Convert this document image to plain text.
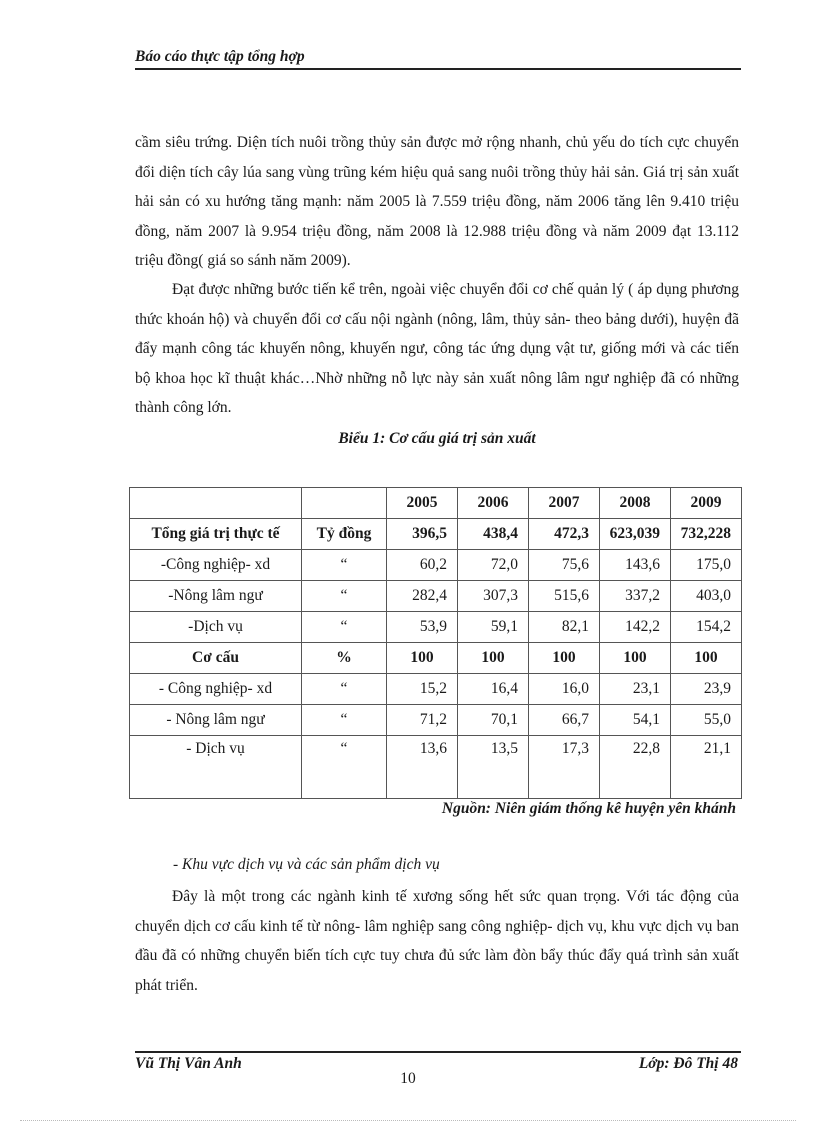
Báo cáo thực tập tổng hợp

cầm siêu trứng. Diện tích nuôi trồng thủy sản được mở rộng nhanh, chủ yếu do tích cực chuyển đổi diện tích cây lúa sang vùng trũng kém hiệu quả sang nuôi trồng thủy hải sản. Giá trị sản xuất hải sản có xu hướng tăng mạnh: năm 2005 là 7.559 triệu đồng, năm 2006 tăng lên 9.410 triệu đồng, năm 2007 là 9.954 triệu đồng, năm 2008 là 12.988 triệu đồng và năm 2009 đạt 13.112 triệu đồng( giá so sánh năm 2009).

Đạt được những bước tiến kể trên, ngoài việc chuyển đổi cơ chế quản lý ( áp dụng phương thức khoán hộ) và chuyển đổi cơ cấu nội ngành (nông, lâm, thủy sản- theo bảng dưới), huyện đã đẩy mạnh công tác khuyến nông, khuyến ngư, công tác ứng dụng vật tư, giống mới và các tiến bộ khoa học kĩ thuật khác…Nhờ những nỗ lực này sản xuất nông lâm ngư nghiệp đã có những thành công lớn.

Biểu 1: Cơ cấu giá trị sản xuất
		2005	2006	2007	2008	2009
Tổng giá trị thực tế	Tỷ đồng	396,5	438,4	472,3	623,039	732,228
-Công nghiệp- xd	“	60,2	72,0	75,6	143,6	175,0
-Nông lâm ngư	“	282,4	307,3	515,6	337,2	403,0
-Dịch vụ	“	53,9	59,1	82,1	142,2	154,2
Cơ cấu	%	100	100	100	100	100
- Công nghiệp- xd	“	15,2	16,4	16,0	23,1	23,9
- Nông lâm ngư	“	71,2	70,1	66,7	54,1	55,0
- Dịch vụ	“	13,6	13,5	17,3	22,8	21,1
Nguồn: Niên giám thống kê huyện yên khánh
- Khu vực dịch vụ và các sản phẩm dịch vụ

Đây là một trong các ngành kinh tế xương sống hết sức quan trọng. Với tác động của chuyển dịch cơ cấu kinh tế từ nông- lâm nghiệp sang công nghiệp- dịch vụ, khu vực dịch vụ ban đầu đã có những chuyển biến tích cực tuy chưa đủ sức làm đòn bẩy thúc đẩy quá trình sản xuất phát triển.

Vũ Thị Vân Anh	Lớp: Đô Thị 48
10
